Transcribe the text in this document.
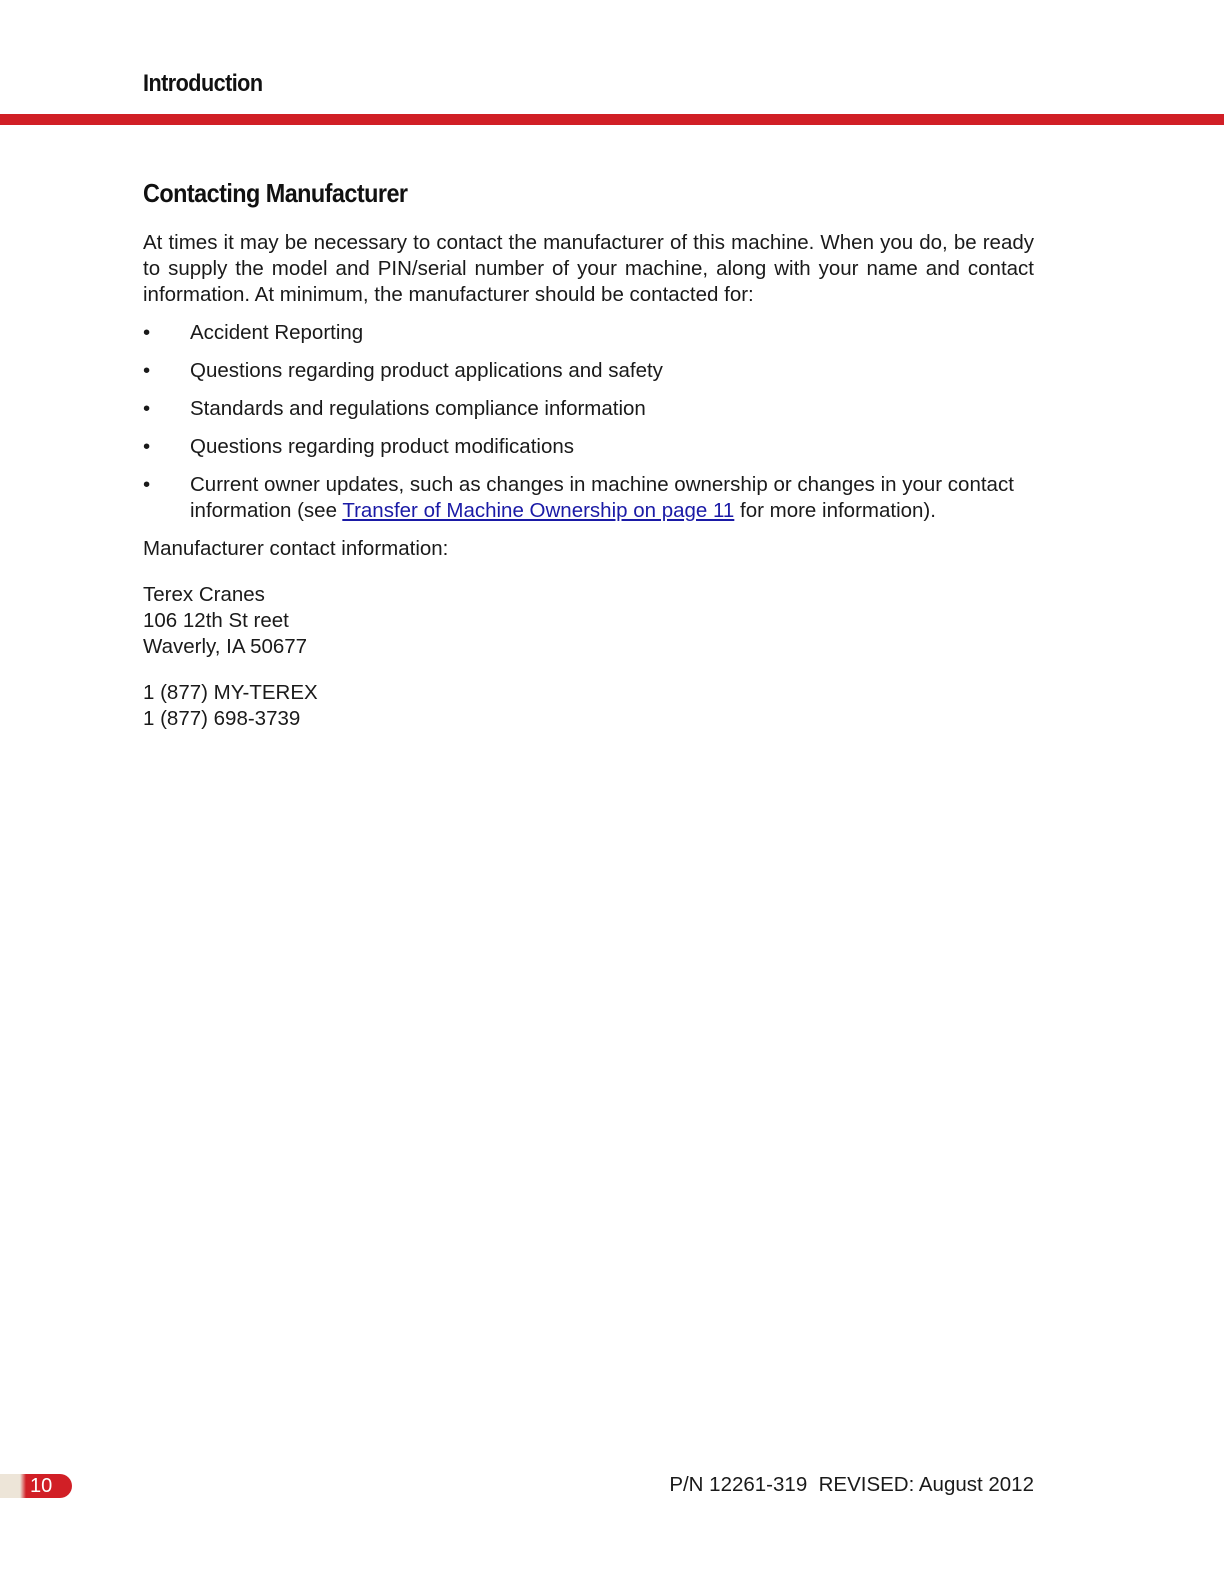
Introduction
Contacting Manufacturer

At times it may be necessary to contact the manufacturer of this machine. When you do, be ready to supply the model and PIN/serial number of your machine, along with your name and contact information. At minimum, the manufacturer should be contacted for:

• Accident Reporting
• Questions regarding product applications and safety
• Standards and regulations compliance information
• Questions regarding product modifications
• Current owner updates, such as changes in machine ownership or changes in your contact information (see Transfer of Machine Ownership on page 11 for more information).

Manufacturer contact information:

Terex Cranes
106 12th St reet
Waverly, IA 50677
1 (877) MY-TEREX
1 (877) 698-3739
10	P/N 12261-319  REVISED: August 2012
